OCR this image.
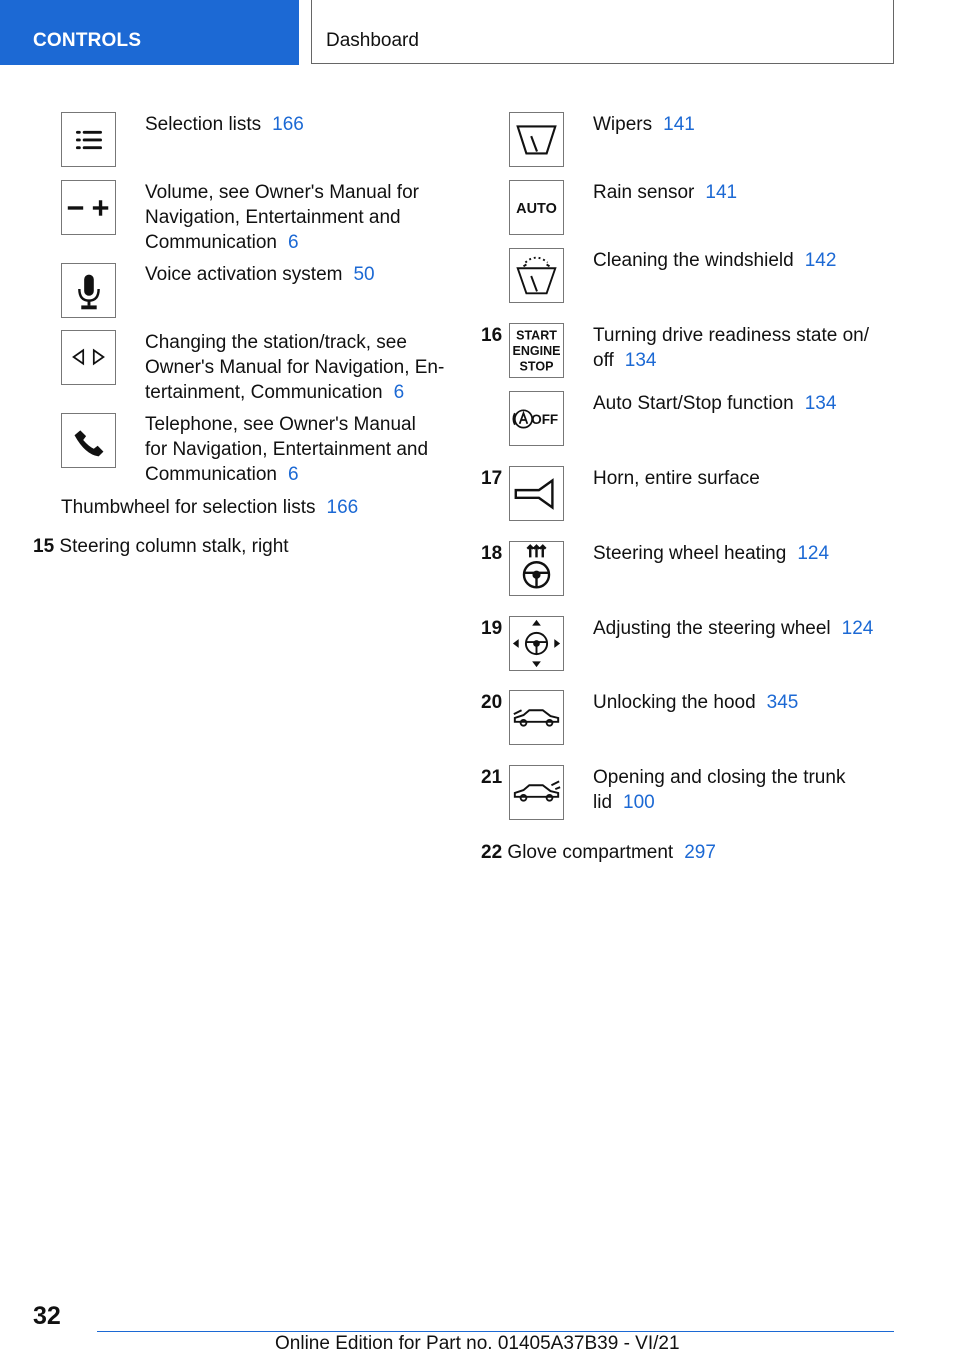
CONTROLS	Dashboard
Selection lists 166
Volume, see Owner's Manual for
Navigation, Entertainment and
Communication 6
Voice activation system 50
Changing the station/track, see
Owner's Manual for Navigation, En-
tertainment, Communication 6
Telephone, see Owner's Manual
for Navigation, Entertainment and
Communication 6
Thumbwheel for selection lists 166
15 Steering column stalk, right
Wipers 141
AUTO
Rain sensor 141
Cleaning the windshield 142
16 START
ENGINE
STOP
Turning drive readiness state on/
off 134
OFF
Auto Start/Stop function 134
17	Horn, entire surface
18	Steering wheel heating 124
19	Adjusting the steering wheel 124
20	Unlocking the hood 345
21	Opening and closing the trunk
lid 100
22 Glove compartment 297
32
Online Edition for Part no. 01405A37B39 - VI/21
